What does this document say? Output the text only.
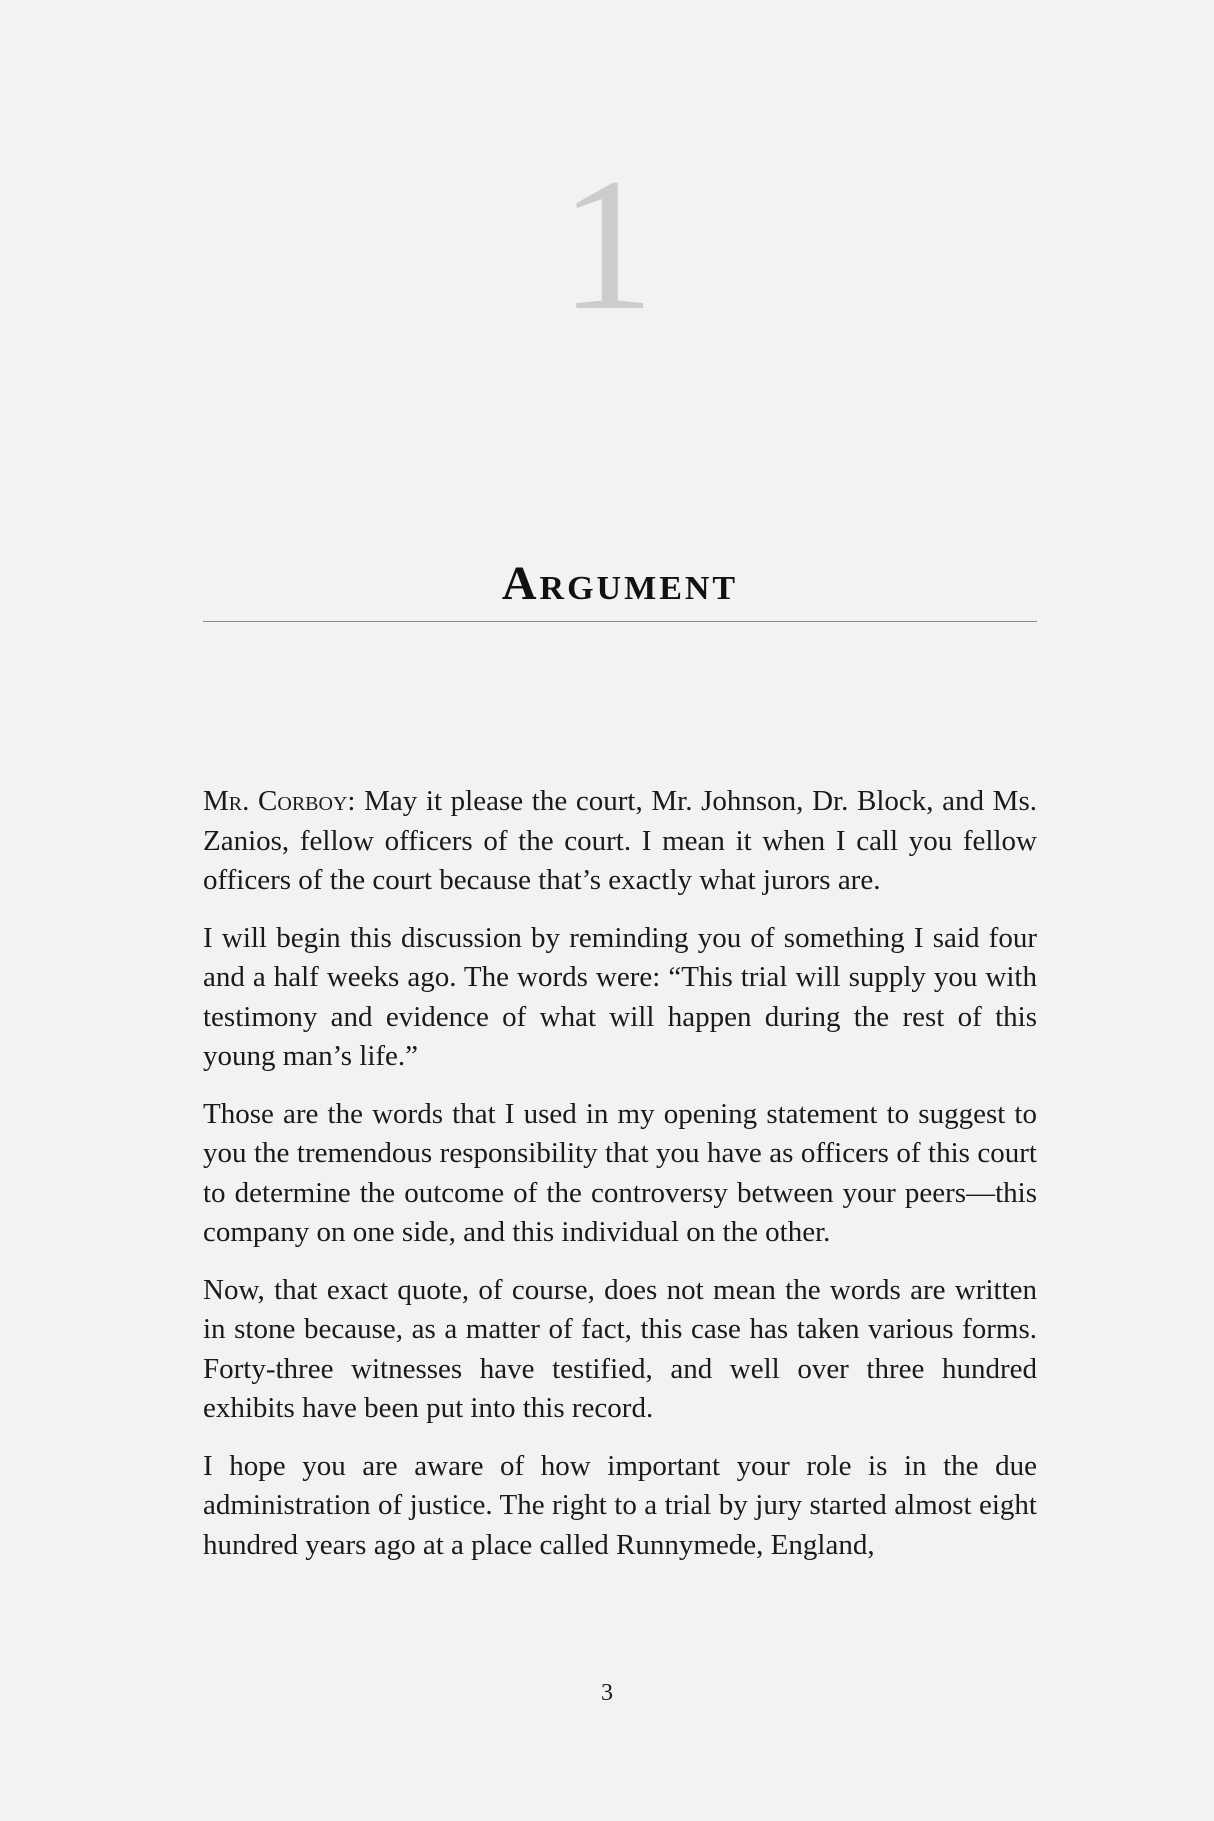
1
Argument

Mr. Corboy: May it please the court, Mr. Johnson, Dr. Block, and Ms. Zanios, fellow officers of the court. I mean it when I call you fellow officers of the court because that’s exactly what jurors are.

I will begin this discussion by reminding you of something I said four and a half weeks ago. The words were: “This trial will supply you with testimony and evidence of what will happen during the rest of this young man’s life.”

Those are the words that I used in my opening statement to suggest to you the tremendous responsibility that you have as officers of this court to determine the outcome of the controversy between your peers—this company on one side, and this individual on the other.

Now, that exact quote, of course, does not mean the words are written in stone because, as a matter of fact, this case has taken various forms. Forty-three witnesses have testified, and well over three hundred exhibits have been put into this record.

I hope you are aware of how important your role is in the due administration of justice. The right to a trial by jury started almost eight hundred years ago at a place called Runnymede, England,

3
